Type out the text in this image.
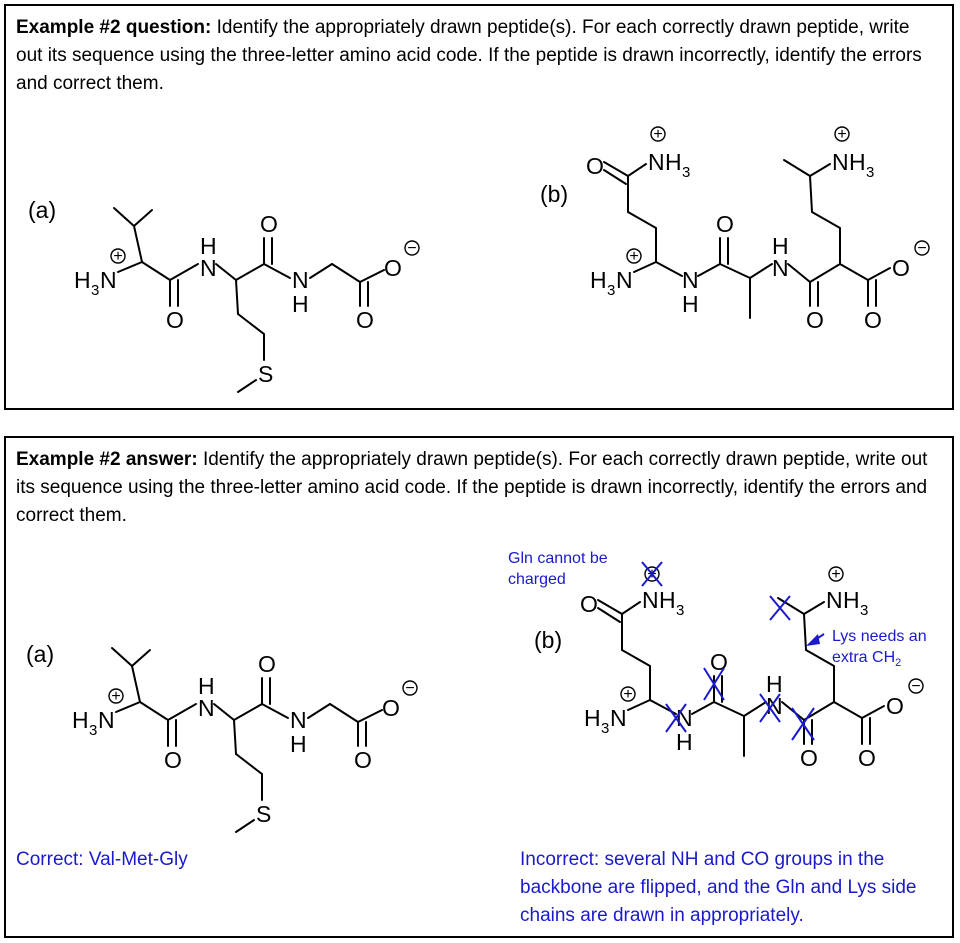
Example #2 question: Identify the appropriately drawn peptide(s). For each correctly drawn peptide, write out its sequence using the three-letter amino acid code. If the peptide is drawn incorrectly, identify the errors and correct them.
(a)
(b)
H 3 N
+
O
H
N
O
N
H
O
O
−
S
O N H 3
+
H 3 N
+
N
H
O
H
N
O
N H 3
+
O
O
−
Example #2 answer: Identify the appropriately drawn peptide(s). For each correctly drawn peptide, write out its sequence using the three-letter amino acid code. If the peptide is drawn incorrectly, identify the errors and correct them.
(a)
(b)
H 3 N
+
O
H
N
O
N
H
O
O
−
S
O N H 3
+
H 3 N
+
N
H
O
H
N
O
N H 3
+
O
O
−
Gln cannot be charged
Lys needs an extra $CH_2$
Correct: Val-Met-Gly	Incorrect: several NH and CO groups in the backbone are flipped, and the Gln and Lys side chains are drawn in appropriately.
